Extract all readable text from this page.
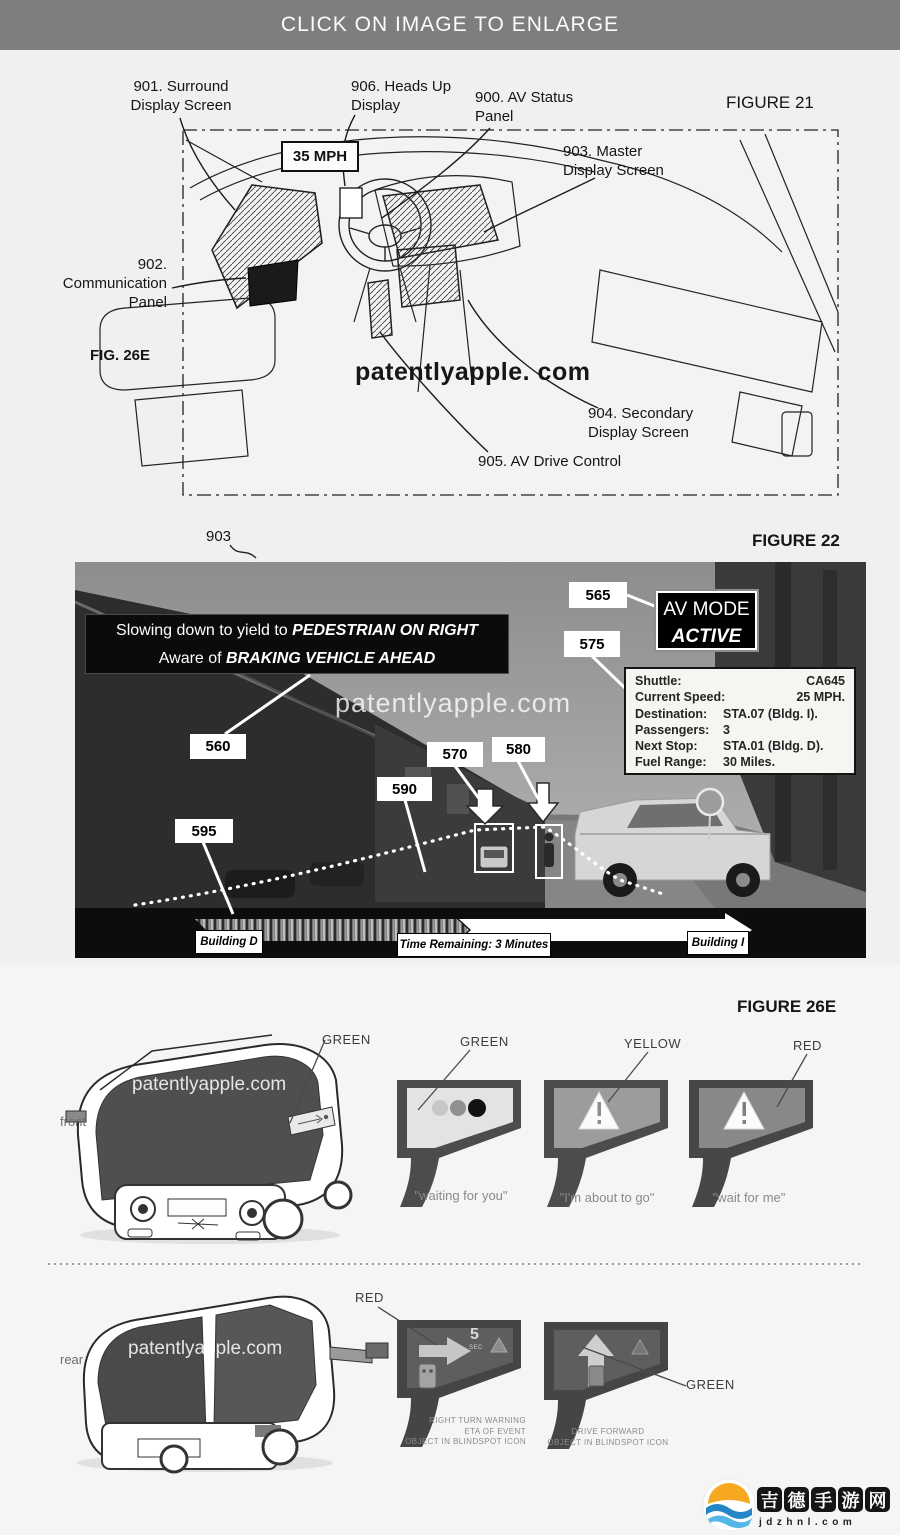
CLICK ON IMAGE TO ENLARGE
901. Surround Display Screen
906. Heads Up Display	900. AV Status Panel
FIGURE 21
35 MPH	903. Master Display Screen
902. Communication Panel
FIG. 26E
patentlyapple. com
904. Secondary Display Screen
905. AV Drive Control
903	FIGURE 22
Slowing down to yield to PEDESTRIAN ON RIGHT
Aware of BRAKING VEHICLE AHEAD
patentlyapple.com
565
575
560	570	580
590
595
AV MODE
ACTIVE
Shuttle:	CA645
Current Speed:	25 MPH.
Destination: STA.07 (Bldg. I).
Passengers: 3
Next Stop: STA.01 (Bldg. D).
Fuel Range: 30 Miles.
Building D	Time Remaining: 3 Minutes	Building I
FIGURE 26E
GREEN	GREEN	YELLOW	RED
front
patentlyapple.com
"waiting for you"	"I'm about to go"	"wait for me"
RED
rear
patentlyapple.com
5
SEC
GREEN
RIGHT TURN WARNING
ETA OF EVENT
OBJECT IN BLINDSPOT ICON
DRIVE FORWARD
OBJECT IN BLINDSPOT ICON
吉 德 手 游 网
jdzhnl.com
